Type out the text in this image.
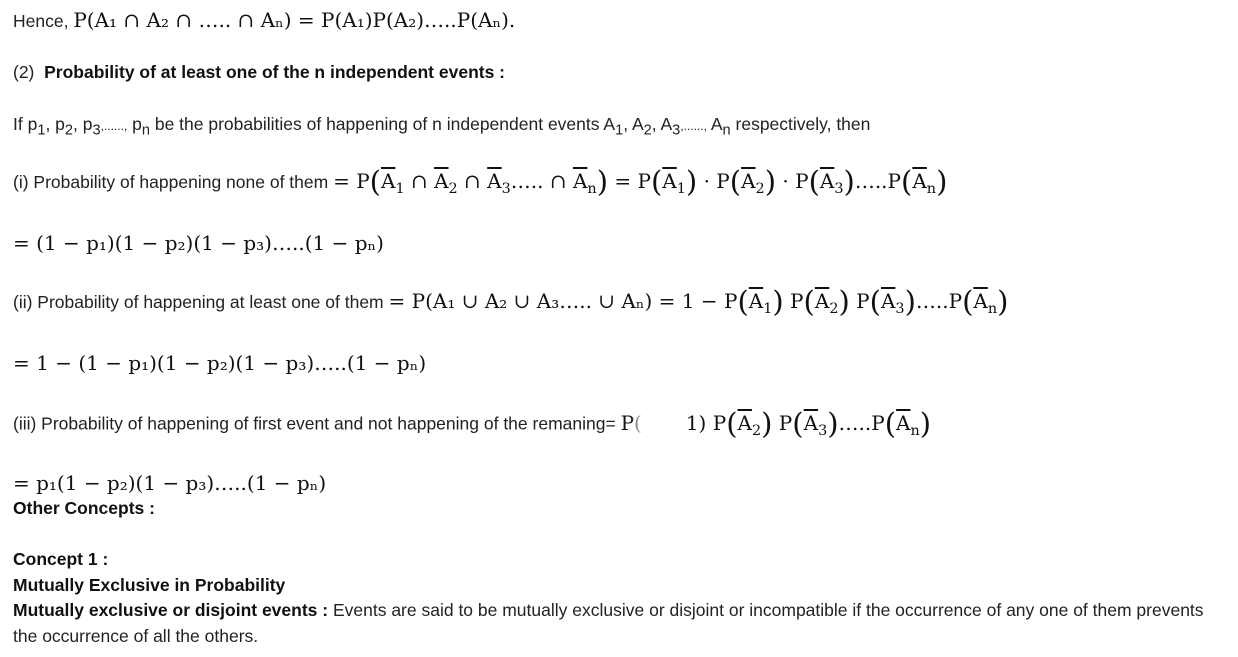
Hence, P(A₁ ∩ A₂ ∩ ….. ∩ Aₙ) = P(A₁)P(A₂)…..P(Aₙ).
(2) Probability of at least one of the n independent events :
If $p_1$, $p_2$, $p_3$,......, $p_n$ be the probabilities of happening of n independent events $A_1$, $A_2$, $A_3$,......, $A_n$ respectively, then
(i) Probability of happening none of them = $P(\overline{A}_1$ ∩ $\overline{A}_2$ ∩ $\overline{A}_3\dots$.. ∩ $\overline{A}_n) = P(\overline{A}_1) \cdot P(\overline{A}_2)$ · $P(\overline{A}_3)\dots..P(\overline{A}_n)$
= (1 − p₁)(1 − p₂)(1 − p₃)…..(1 − pₙ)
(ii) Probability of happening at least one of them = P(A₁ ∪ A₂ ∪ A₃….. ∪ $A_n) = 1 - P(\overline{A}_1)$ $P(\overline{A}_2)$ $P(\overline{A}_3)\dots..P(\overline{A}_n)$
= 1 − (1 − p₁)(1 − p₂)(1 − p₃)…..(1 − pₙ)
(iii) Probability of happening of first event and not happening of the remaning= P( 1) $P(\overline{A}_2)$ $P(\overline{A}_3)\dots..P(\overline{A}_n)$
= p₁(1 − p₂)(1 − p₃)…..(1 − pₙ)
Other Concepts :
Concept 1 :
Mutually Exclusive in Probability
Mutually exclusive or disjoint events : Events are said to be mutually exclusive or disjoint or incompatible if the occurrence of any one of them prevents the occurrence of all the others.
